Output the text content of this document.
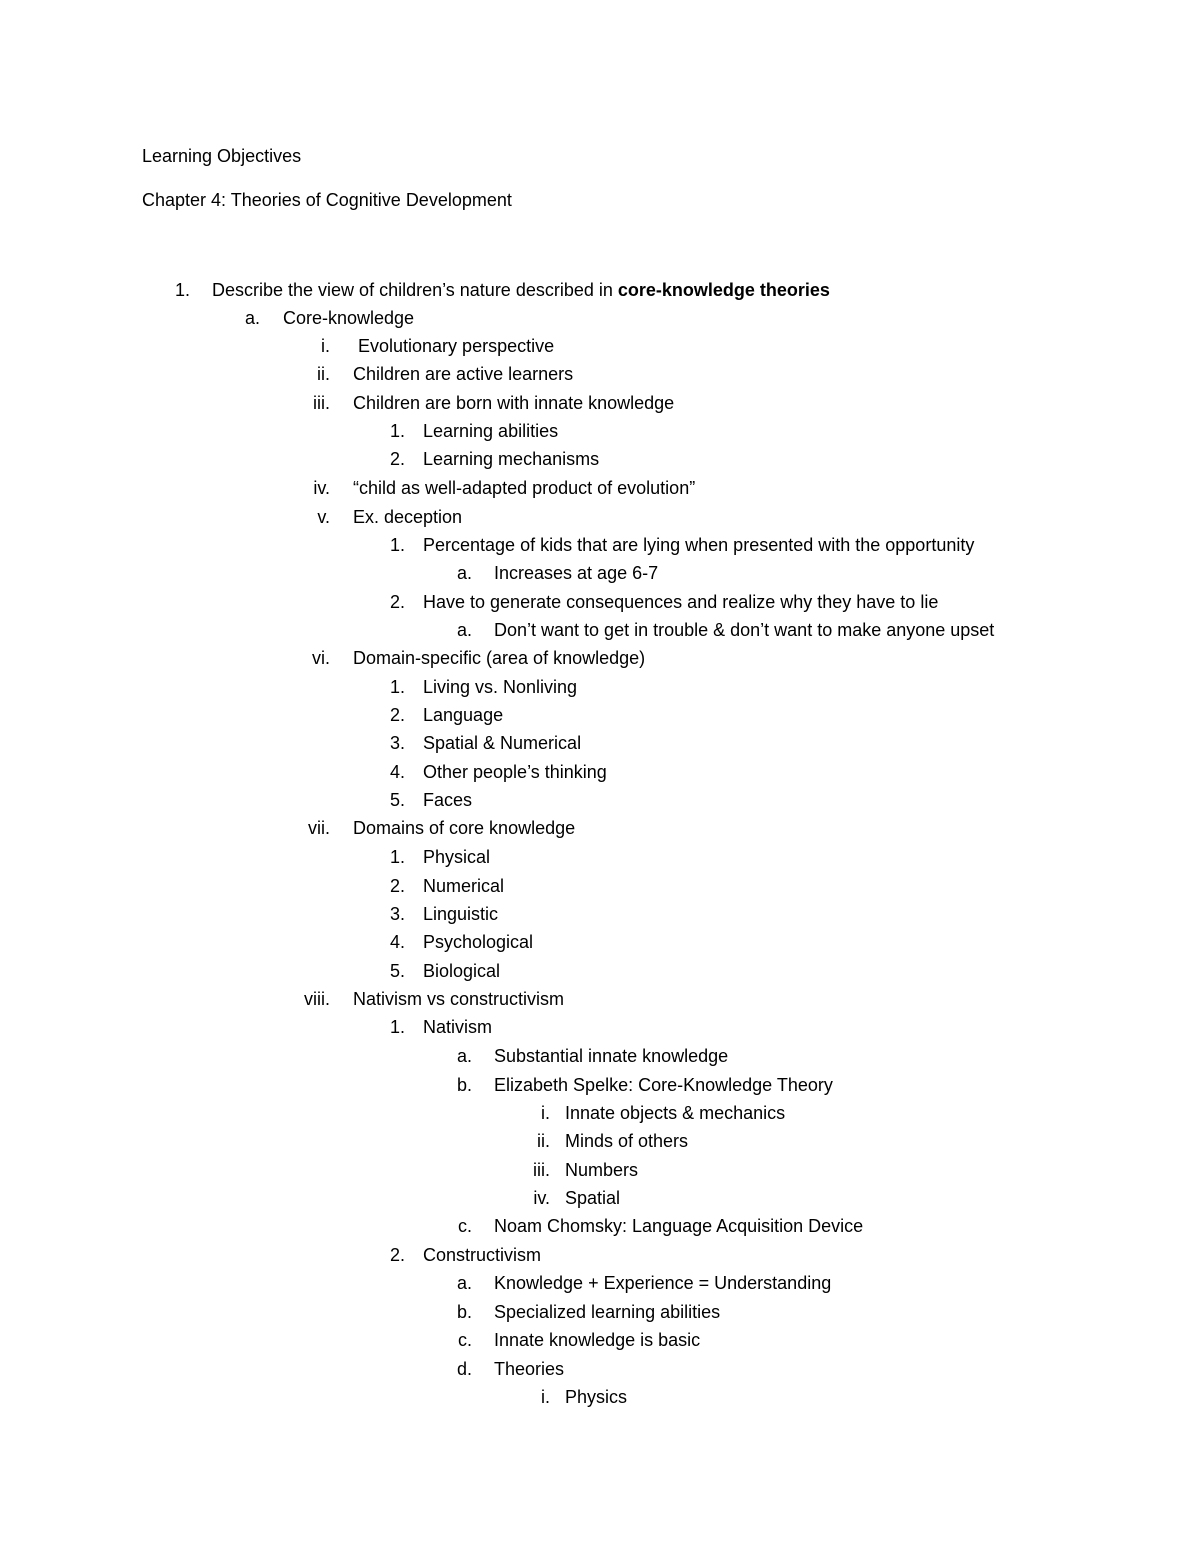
Learning Objectives
Chapter 4: Theories of Cognitive Development
1. Describe the view of children’s nature described in core-knowledge theories
a. Core-knowledge
i. Evolutionary perspective
ii. Children are active learners
iii. Children are born with innate knowledge
1. Learning abilities
2. Learning mechanisms
iv. “child as well-adapted product of evolution”
v. Ex. deception
1. Percentage of kids that are lying when presented with the opportunity
a. Increases at age 6-7
2. Have to generate consequences and realize why they have to lie
a. Don’t want to get in trouble & don’t want to make anyone upset
vi. Domain-specific (area of knowledge)
1. Living vs. Nonliving
2. Language
3. Spatial & Numerical
4. Other people’s thinking
5. Faces
vii. Domains of core knowledge
1. Physical
2. Numerical
3. Linguistic
4. Psychological
5. Biological
viii. Nativism vs constructivism
1. Nativism
a. Substantial innate knowledge
b. Elizabeth Spelke: Core-Knowledge Theory
i. Innate objects & mechanics
ii. Minds of others
iii. Numbers
iv. Spatial
c. Noam Chomsky: Language Acquisition Device
2. Constructivism
a. Knowledge + Experience = Understanding
b. Specialized learning abilities
c. Innate knowledge is basic
d. Theories
i. Physics
